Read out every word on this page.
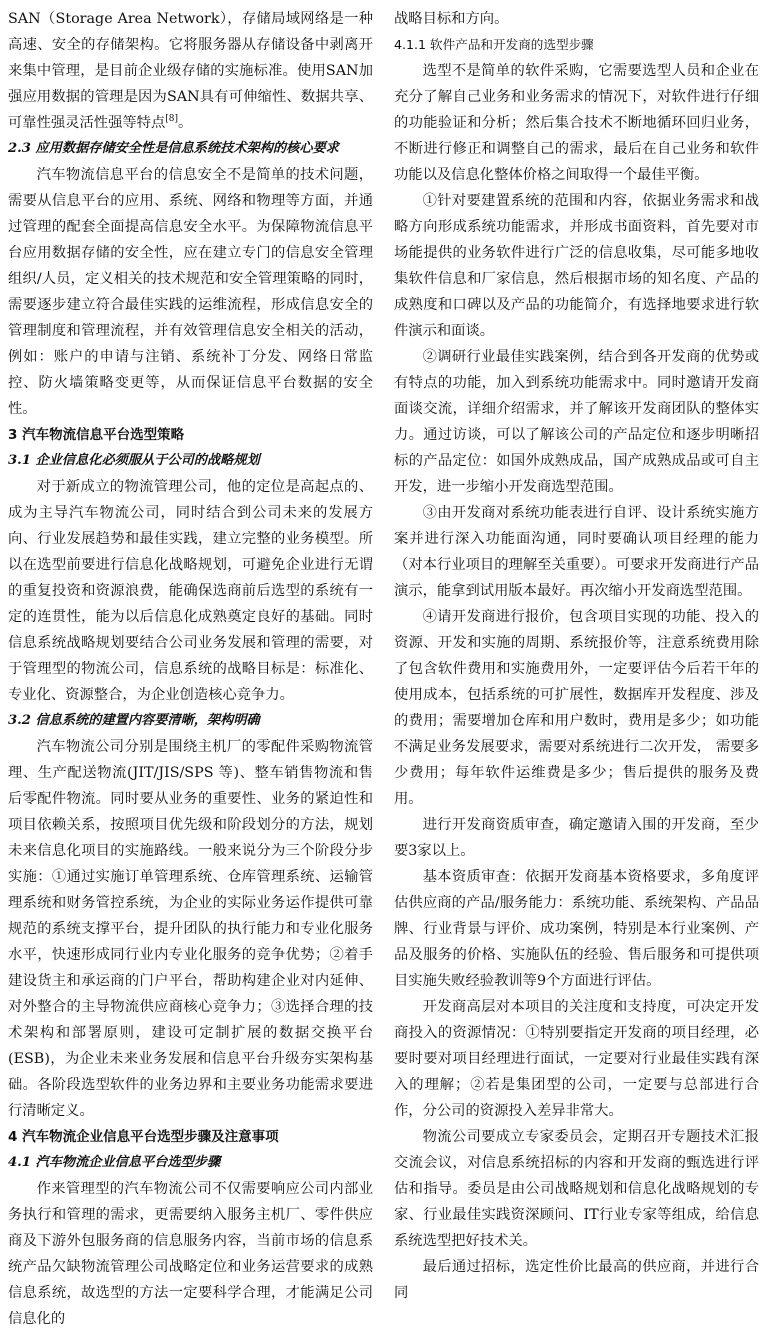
SAN（Storage Area Network），存储局域网络是一种高速、安全的存储架构。它将服务器从存储设备中剥离开来集中管理，是目前企业级存储的实施标准。使用SAN加强应用数据的管理是因为SAN具有可伸缩性、数据共享、可靠性强灵活性强等特点[8]。

2.3 应用数据存储安全性是信息系统技术架构的核心要求

汽车物流信息平台的信息安全不是简单的技术问题，需要从信息平台的应用、系统、网络和物理等方面，并通过管理的配套全面提高信息安全水平。为保障物流信息平台应用数据存储的安全性，应在建立专门的信息安全管理组织/人员，定义相关的技术规范和安全管理策略的同时，需要逐步建立符合最佳实践的运维流程，形成信息安全的管理制度和管理流程，并有效管理信息安全相关的活动，例如：账户的申请与注销、系统补丁分发、网络日常监控、防火墙策略变更等，从而保证信息平台数据的安全性。

3 汽车物流信息平台选型策略

3.1 企业信息化必须服从于公司的战略规划

对于新成立的物流管理公司，他的定位是高起点的、成为主导汽车物流公司，同时结合到公司未来的发展方向、行业发展趋势和最佳实践，建立完整的业务模型。所以在选型前要进行信息化战略规划，可避免企业进行无谓的重复投资和资源浪费，能确保选商前后选型的系统有一定的连贯性，能为以后信息化成熟奠定良好的基础。同时信息系统战略规划要结合公司业务发展和管理的需要，对于管理型的物流公司，信息系统的战略目标是：标准化、专业化、资源整合，为企业创造核心竞争力。

3.2 信息系统的建置内容要清晰，架构明确

汽车物流公司分别是围绕主机厂的零配件采购物流管理、生产配送物流(JIT/JIS/SPS 等)、整车销售物流和售后零配件物流。同时要从业务的重要性、业务的紧迫性和项目依赖关系，按照项目优先级和阶段划分的方法，规划未来信息化项目的实施路线。一般来说分为三个阶段分步实施：①通过实施订单管理系统、仓库管理系统、运输管理系统和财务管控系统，为企业的实际业务运作提供可靠规范的系统支撑平台，提升团队的执行能力和专业化服务水平，快速形成同行业内专业化服务的竞争优势；②着手建设货主和承运商的门户平台，帮助构建企业对内延伸、对外整合的主导物流供应商核心竞争力；③选择合理的技术架构和部署原则，建设可定制扩展的数据交换平台(ESB)，为企业未来业务发展和信息平台升级夯实架构基础。各阶段选型软件的业务边界和主要业务功能需求要进行清晰定义。

4 汽车物流企业信息平台选型步骤及注意事项

4.1 汽车物流企业信息平台选型步骤

作来管理型的汽车物流公司不仅需要响应公司内部业务执行和管理的需求，更需要纳入服务主机厂、零件供应商及下游外包服务商的信息服务内容，当前市场的信息系统产品欠缺物流管理公司战略定位和业务运营要求的成熟信息系统，故选型的方法一定要科学合理，才能满足公司信息化的

战略目标和方向。

4.1.1 软件产品和开发商的选型步骤

选型不是简单的软件采购，它需要选型人员和企业在充分了解自己业务和业务需求的情况下，对软件进行仔细的功能验证和分析；然后集合技术不断地循环回归业务，不断进行修正和调整自己的需求，最后在自己业务和软件功能以及信息化整体价格之间取得一个最佳平衡。

①针对要建置系统的范围和内容，依据业务需求和战略方向形成系统功能需求，并形成书面资料，首先要对市场能提供的业务软件进行广泛的信息收集，尽可能多地收集软件信息和厂家信息，然后根据市场的知名度、产品的成熟度和口碑以及产品的功能简介，有选择地要求进行软件演示和面谈。

②调研行业最佳实践案例，结合到各开发商的优势或有特点的功能，加入到系统功能需求中。同时邀请开发商面谈交流，详细介绍需求，并了解该开发商团队的整体实力。通过访谈，可以了解该公司的产品定位和逐步明晰招标的产品定位：如国外成熟成品，国产成熟成品或可自主开发，进一步缩小开发商选型范围。

③由开发商对系统功能表进行自评、设计系统实施方案并进行深入功能面沟通，同时要确认项目经理的能力（对本行业项目的理解至关重要）。可要求开发商进行产品演示，能拿到试用版本最好。再次缩小开发商选型范围。

④请开发商进行报价，包含项目实现的功能、投入的资源、开发和实施的周期、系统报价等，注意系统费用除了包含软件费用和实施费用外，一定要评估今后若干年的使用成本，包括系统的可扩展性，数据库开发程度、涉及的费用；需要增加仓库和用户数时，费用是多少；如功能不满足业务发展要求，需要对系统进行二次开发， 需要多少费用；每年软件运维费是多少；售后提供的服务及费用。

进行开发商资质审查，确定邀请入围的开发商，至少要3家以上。

基本资质审查：依据开发商基本资格要求，多角度评估供应商的产品/服务能力：系统功能、系统架构、产品品牌、行业背景与评价、成功案例，特别是本行业案例、产品及服务的价格、实施队伍的经验、售后服务和可提供项目实施失败经验教训等9个方面进行评估。

开发商高层对本项目的关注度和支持度，可决定开发商投入的资源情况：①特别要指定开发商的项目经理，必要时要对项目经理进行面试，一定要对行业最佳实践有深入的理解；②若是集团型的公司，一定要与总部进行合作，分公司的资源投入差异非常大。

物流公司要成立专家委员会，定期召开专题技术汇报交流会议，对信息系统招标的内容和开发商的甄选进行评估和指导。委员是由公司战略规划和信息化战略规划的专家、行业最佳实践资深顾问、IT行业专家等组成，给信息系统选型把好技术关。

最后通过招标，选定性价比最高的供应商，并进行合同
